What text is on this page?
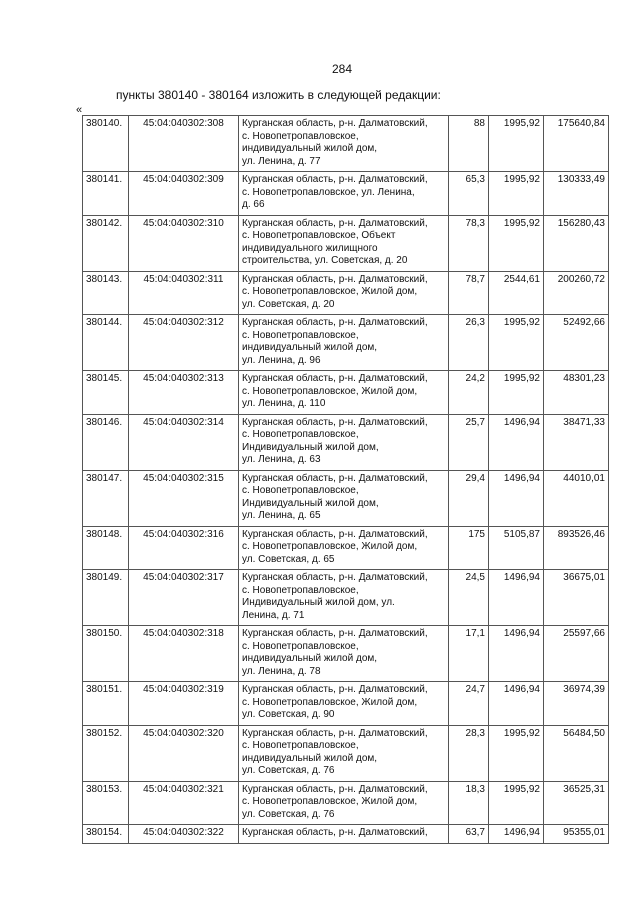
284
пункты 380140 - 380164 изложить в следующей редакции:
«
380140.	45:04:040302:308	Курганская область, р-н. Далматовский,
с. Новопетропавловское,
индивидуальный жилой дом,
ул. Ленина, д. 77	88	1995,92	175640,84
380141.	45:04:040302:309	Курганская область, р-н. Далматовский,
с. Новопетропавловское, ул. Ленина,
д. 66	65,3	1995,92	130333,49
380142.	45:04:040302:310	Курганская область, р-н. Далматовский,
с. Новопетропавловское, Объект
индивидуального жилищного
строительства, ул. Советская, д. 20	78,3	1995,92	156280,43
380143.	45:04:040302:311	Курганская область, р-н. Далматовский,
с. Новопетропавловское, Жилой дом,
ул. Советская, д. 20	78,7	2544,61	200260,72
380144.	45:04:040302:312	Курганская область, р-н. Далматовский,
с. Новопетропавловское,
индивидуальный жилой дом,
ул. Ленина, д. 96	26,3	1995,92	52492,66
380145.	45:04:040302:313	Курганская область, р-н. Далматовский,
с. Новопетропавловское, Жилой дом,
ул. Ленина, д. 110	24,2	1995,92	48301,23
380146.	45:04:040302:314	Курганская область, р-н. Далматовский,
с. Новопетропавловское,
Индивидуальный жилой дом,
ул. Ленина, д. 63	25,7	1496,94	38471,33
380147.	45:04:040302:315	Курганская область, р-н. Далматовский,
с. Новопетропавловское,
Индивидуальный жилой дом,
ул. Ленина, д. 65	29,4	1496,94	44010,01
380148.	45:04:040302:316	Курганская область, р-н. Далматовский,
с. Новопетропавловское, Жилой дом,
ул. Советская, д. 65	175	5105,87	893526,46
380149.	45:04:040302:317	Курганская область, р-н. Далматовский,
с. Новопетропавловское,
Индивидуальный жилой дом, ул.
Ленина, д. 71	24,5	1496,94	36675,01
380150.	45:04:040302:318	Курганская область, р-н. Далматовский,
с. Новопетропавловское,
индивидуальный жилой дом,
ул. Ленина, д. 78	17,1	1496,94	25597,66
380151.	45:04:040302:319	Курганская область, р-н. Далматовский,
с. Новопетропавловское, Жилой дом,
ул. Советская, д. 90	24,7	1496,94	36974,39
380152.	45:04:040302:320	Курганская область, р-н. Далматовский,
с. Новопетропавловское,
индивидуальный жилой дом,
ул. Советская, д. 76	28,3	1995,92	56484,50
380153.	45:04:040302:321	Курганская область, р-н. Далматовский,
с. Новопетропавловское, Жилой дом,
ул. Советская, д. 76	18,3	1995,92	36525,31
380154.	45:04:040302:322	Курганская область, р-н. Далматовский,	63,7	1496,94	95355,01
